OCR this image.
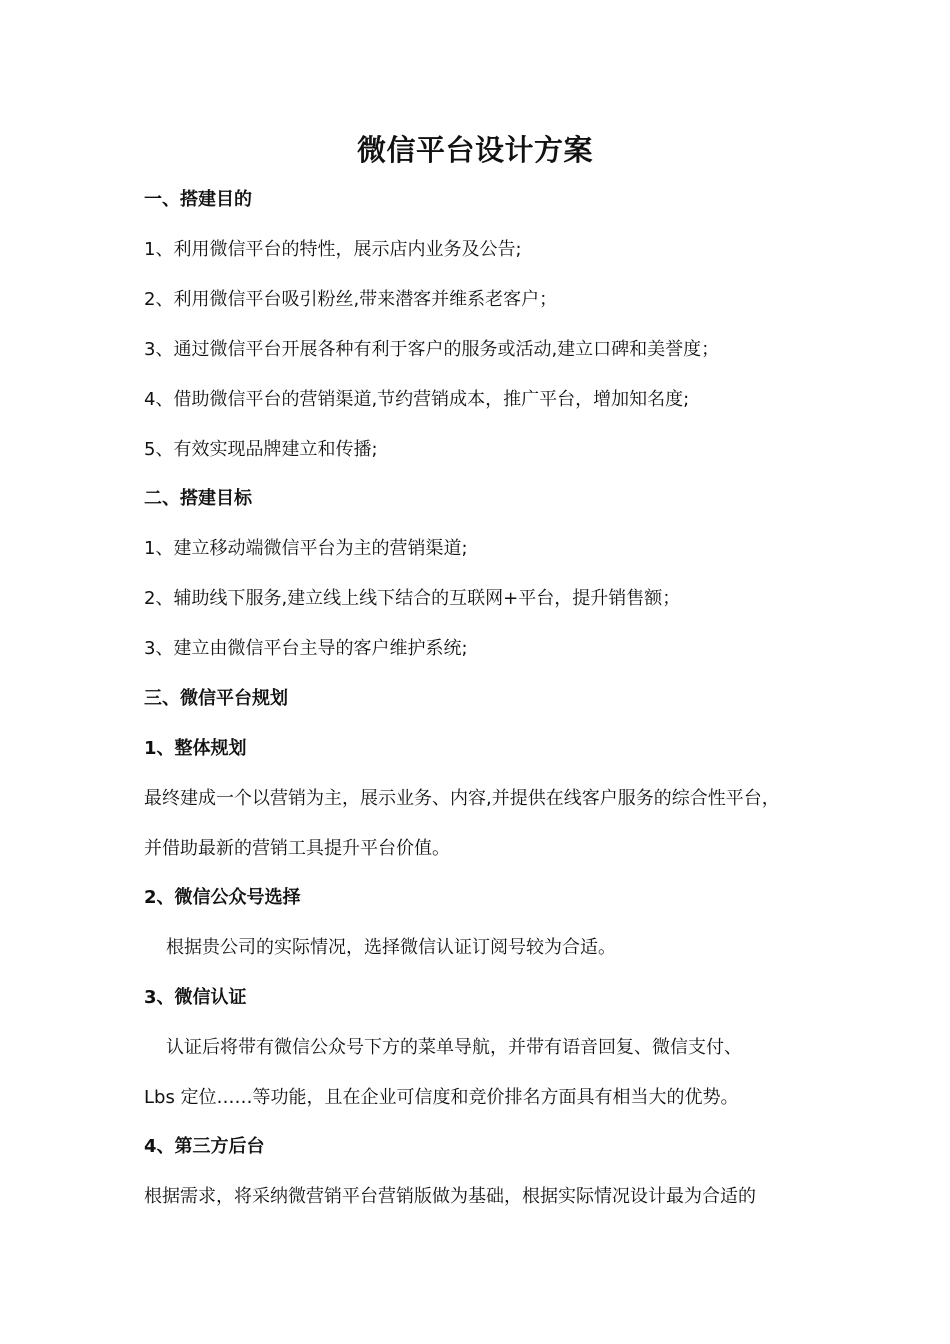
微信平台设计方案
一、搭建目的
1、利用微信平台的特性，展示店内业务及公告;
2、利用微信平台吸引粉丝,带来潜客并维系老客户；
3、通过微信平台开展各种有利于客户的服务或活动,建立口碑和美誉度；
4、借助微信平台的营销渠道,节约营销成本，推广平台，增加知名度;
5、有效实现品牌建立和传播;
二、搭建目标
1、建立移动端微信平台为主的营销渠道;
2、辅助线下服务,建立线上线下结合的互联网+平台，提升销售额；
3、建立由微信平台主导的客户维护系统;
三、微信平台规划
1、整体规划
最终建成一个以营销为主，展示业务、内容,并提供在线客户服务的综合性平台，
并借助最新的营销工具提升平台价值。
2、微信公众号选择
根据贵公司的实际情况，选择微信认证订阅号较为合适。
3、微信认证
认证后将带有微信公众号下方的菜单导航，并带有语音回复、微信支付、
Lbs 定位……等功能，且在企业可信度和竞价排名方面具有相当大的优势。
4、第三方后台
根据需求，将采纳微营销平台营销版做为基础，根据实际情况设计最为合适的
